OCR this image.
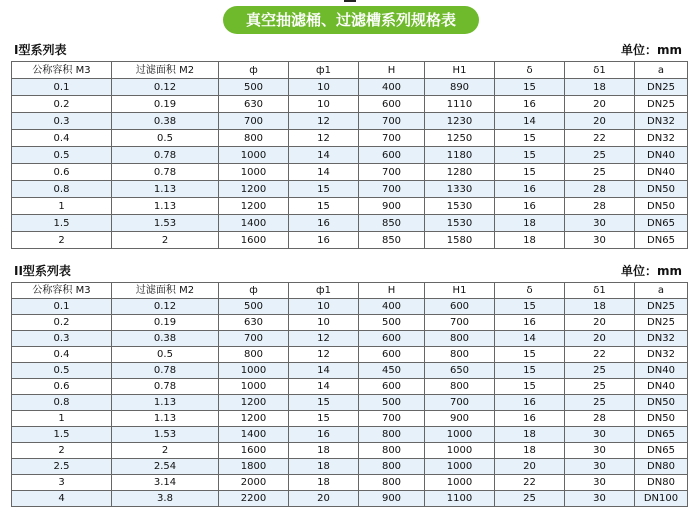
真空抽滤桶、过滤槽系列规格表
I型系列表	单位：mm
公称容积 M3	过滤面积 M2	ф	ф1	H	H1	δ	δ1	a
0.1	0.12	500	10	400	890	15	18	DN25
0.2	0.19	630	10	600	1110	16	20	DN25
0.3	0.38	700	12	700	1230	14	20	DN32
0.4	0.5	800	12	700	1250	15	22	DN32
0.5	0.78	1000	14	600	1180	15	25	DN40
0.6	0.78	1000	14	700	1280	15	25	DN40
0.8	1.13	1200	15	700	1330	16	28	DN50
1	1.13	1200	15	900	1530	16	28	DN50
1.5	1.53	1400	16	850	1530	18	30	DN65
2	2	1600	16	850	1580	18	30	DN65
II型系列表	单位：mm
公称容积 M3	过滤面积 M2	ф	ф1	H	H1	δ	δ1	a
0.1	0.12	500	10	400	600	15	18	DN25
0.2	0.19	630	10	500	700	16	20	DN25
0.3	0.38	700	12	600	800	14	20	DN32
0.4	0.5	800	12	600	800	15	22	DN32
0.5	0.78	1000	14	450	650	15	25	DN40
0.6	0.78	1000	14	600	800	15	25	DN40
0.8	1.13	1200	15	500	700	16	25	DN50
1	1.13	1200	15	700	900	16	28	DN50
1.5	1.53	1400	16	800	1000	18	30	DN65
2	2	1600	18	800	1000	18	30	DN65
2.5	2.54	1800	18	800	1000	20	30	DN80
3	3.14	2000	18	800	1000	22	30	DN80
4	3.8	2200	20	900	1100	25	30	DN100
